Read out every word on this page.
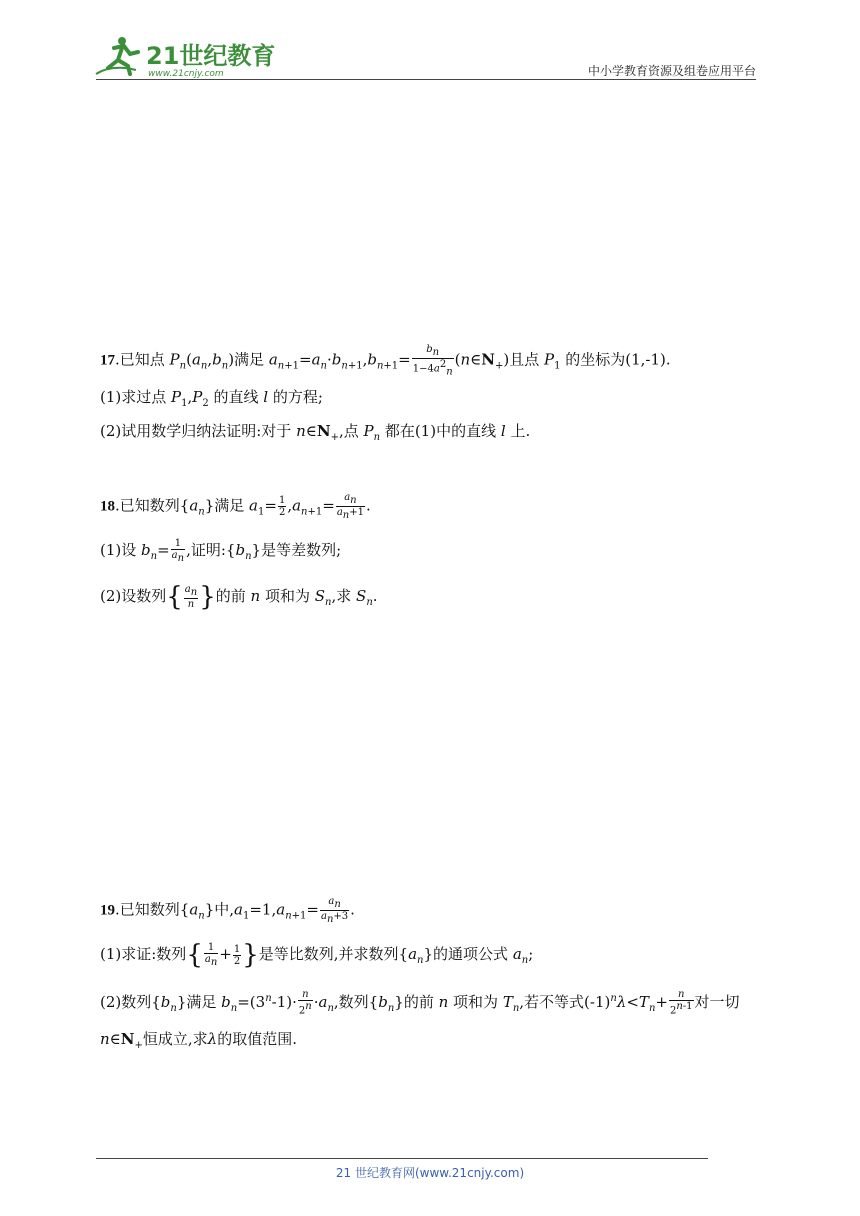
21世纪教育
www.21cnjy.com	中小学教育资源及组卷应用平台
17.已知点 $P_n(a_n,b_n)$满足 $a_{n+1}=a_n\cdot b_{n+1},b_{n+1}= \frac{b_n}{1-4a^2_n}$ $(n\in N_+)$且点 $P_1$ 的坐标为(1,-1).
(1)求过点 $P_1,P_2$ 的直线 l 的方程;
(2)试用数学归纳法证明:对于 $n\in N_+$,点 $P_n$ 都在(1)中的直线 l 上.
18.已知数列$\{a_n\}$满足 $a_1= \frac{1}{2} ,a_{n+1}= \frac{a_n}{a_n+1}$ .
(1)设 $b_n= \frac{1}{a_n}$ ,证明$:\{b_n\}$是等差数列;
(2)设数列{ $\frac{a_n}{n}$ }的前 n 项和为 $S_n$,求 $S_n$.
19.已知数列$\{a_n\}$中$,a_1=1,a_{n+1}= \frac{a_n}{a_n+3}$ .
(1)求证:数列{ $\frac{1}{a_n} + \frac{1}{2}$ }是等比数列,并求数列$\{a_n\}$的通项公式 $a_n$;
(2)数列$\{b_n\}$满足 $b_n=(3^n-1)\cdot \frac{n}{2^n} \cdot a_n$,数列$\{b_n\}$的前 n 项和为 $T_n$,若不等式$(-1)^n\lambda<T_n+ \frac{n}{2^{n-1}}$ 对一切
$n\in N_+$恒成立,求λ的取值范围.
21 世纪教育网(www.21cnjy.com)
